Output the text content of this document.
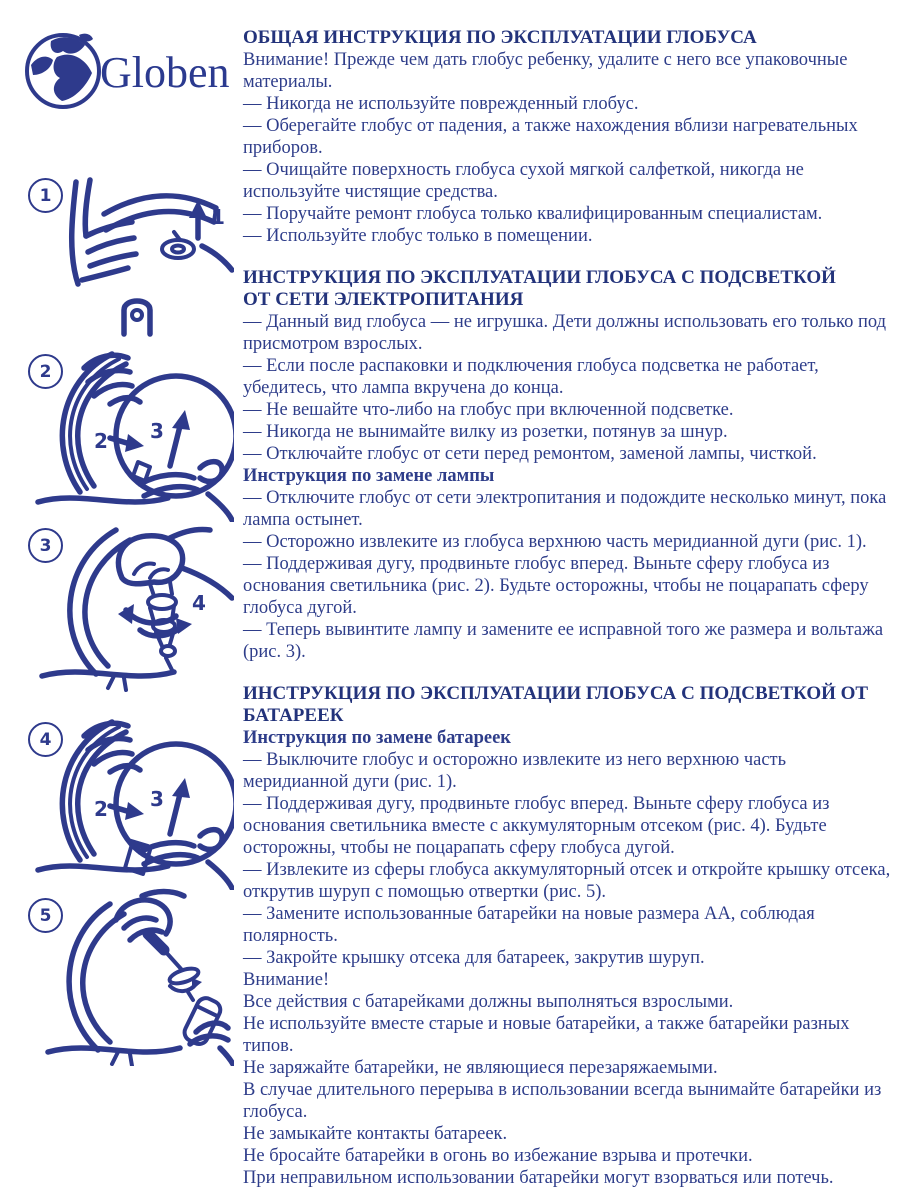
Globen
1
1
2
2 3
3
4
4
2 3
5
ОБЩАЯ ИНСТРУКЦИЯ ПО ЭКСПЛУАТАЦИИ ГЛОБУСА

Внимание! Прежде чем дать глобус ребенку, удалите с него все упаковочные материалы.

— Никогда не используйте поврежденный глобус.

— Оберегайте глобус от падения, а также нахождения вблизи нагревательных приборов.

— Очищайте поверхность глобуса сухой мягкой салфеткой, никогда не используйте чистящие средства.

— Поручайте ремонт глобуса только квалифицированным специалистам.

— Используйте глобус только в помещении.

ИНСТРУКЦИЯ ПО ЭКСПЛУАТАЦИИ ГЛОБУСА С ПОДСВЕТКОЙ
ОТ СЕТИ ЭЛЕКТРОПИТАНИЯ

— Данный вид глобуса — не игрушка. Дети должны использовать его только под присмотром взрослых.

— Если после распаковки и подключения глобуса подсветка не работает, убедитесь, что лампа вкручена до конца.

— Не вешайте что-либо на глобус при включенной подсветке.

— Никогда не вынимайте вилку из розетки, потянув за шнур.

— Отключайте глобус от сети перед ремонтом, заменой лампы, чисткой.

Инструкция по замене лампы

— Отключите глобус от сети электропитания и подождите несколько минут, пока лампа остынет.

— Осторожно извлеките из глобуса верхнюю часть меридианной дуги (рис. 1).

— Поддерживая дугу, продвиньте глобус вперед. Выньте сферу глобуса из основания светильника (рис. 2). Будьте осторожны, чтобы не поцарапать сферу глобуса дугой.

— Теперь вывинтите лампу и замените ее исправной того же размера и вольтажа (рис. 3).

ИНСТРУКЦИЯ ПО ЭКСПЛУАТАЦИИ ГЛОБУСА С ПОДСВЕТКОЙ ОТ
БАТАРЕЕК

Инструкция по замене батареек

— Выключите глобус и осторожно извлеките из него верхнюю часть меридианной дуги (рис. 1).

— Поддерживая дугу, продвиньте глобус вперед. Выньте сферу глобуса из основания светильника вместе с аккумуляторным отсеком (рис. 4). Будьте осторожны, чтобы не поцарапать сферу глобуса дугой.

— Извлеките из сферы глобуса аккумуляторный отсек и откройте крышку отсека, открутив шуруп с помощью отвертки (рис. 5).

— Замените использованные батарейки на новые размера АА, соблюдая полярность.

— Закройте крышку отсека для батареек, закрутив шуруп.

Внимание!

Все действия с батарейками должны выполняться взрослыми.

Не используйте вместе старые и новые батарейки, а также батарейки разных типов.

Не заряжайте батарейки, не являющиеся перезаряжаемыми.

В случае длительного перерыва в использовании всегда вынимайте батарейки из глобуса.

Не замыкайте контакты батареек.

Не бросайте батарейки в огонь во избежание взрыва и протечки.

При неправильном использовании батарейки могут взорваться или потечь.
